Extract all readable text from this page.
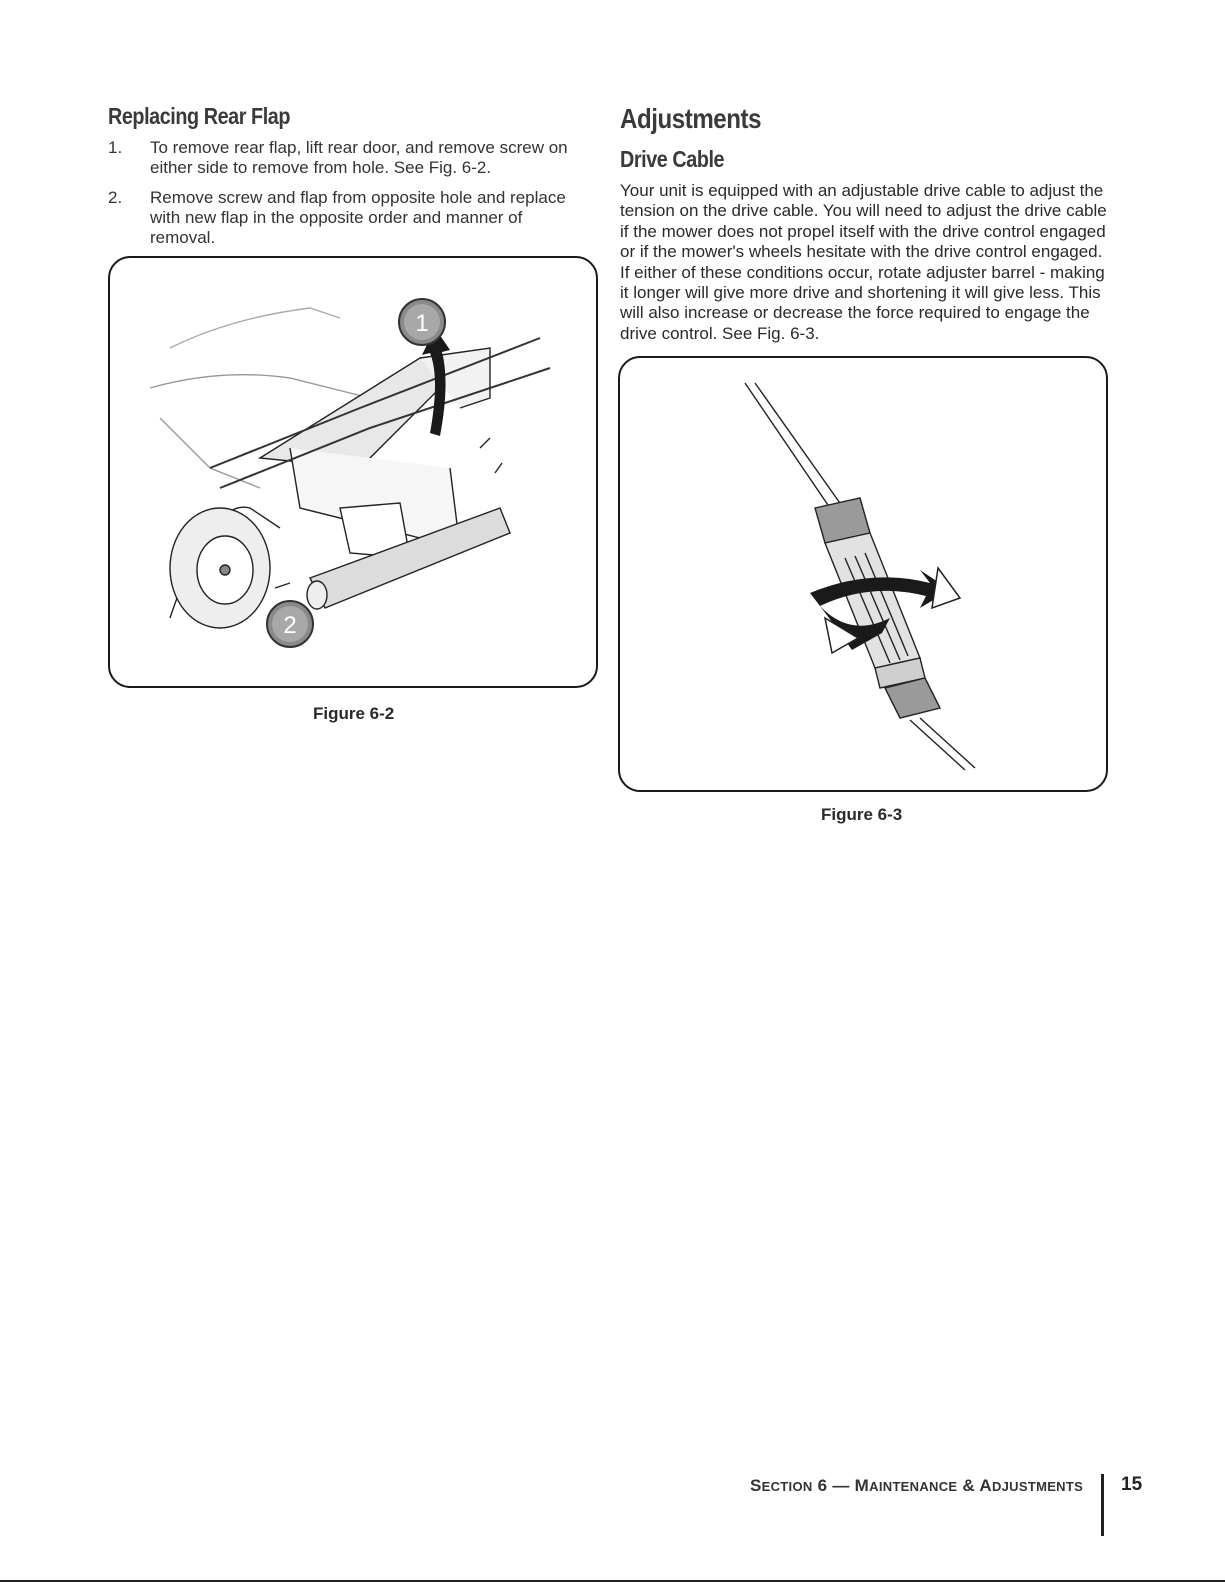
Replacing Rear Flap
1. To remove rear flap, lift rear door, and remove screw on either side to remove from hole. See Fig. 6-2.
2. Remove screw and flap from opposite hole and replace with new flap in the opposite order and manner of removal.
1
2
Figure 6-2
Adjustments
Drive Cable

Your unit is equipped with an adjustable drive cable to adjust the tension on the drive cable. You will need to adjust the drive cable if the mower does not propel itself with the drive control engaged or if the mower's wheels hesitate with the drive control engaged. If either of these conditions occur, rotate adjuster barrel - making it longer will give more drive and shortening it will give less. This will also increase or decrease the force required to engage the drive control. See Fig. 6-3.

Figure 6-3
SECTION 6 — MAINTENANCE & ADJUSTMENTS 15
